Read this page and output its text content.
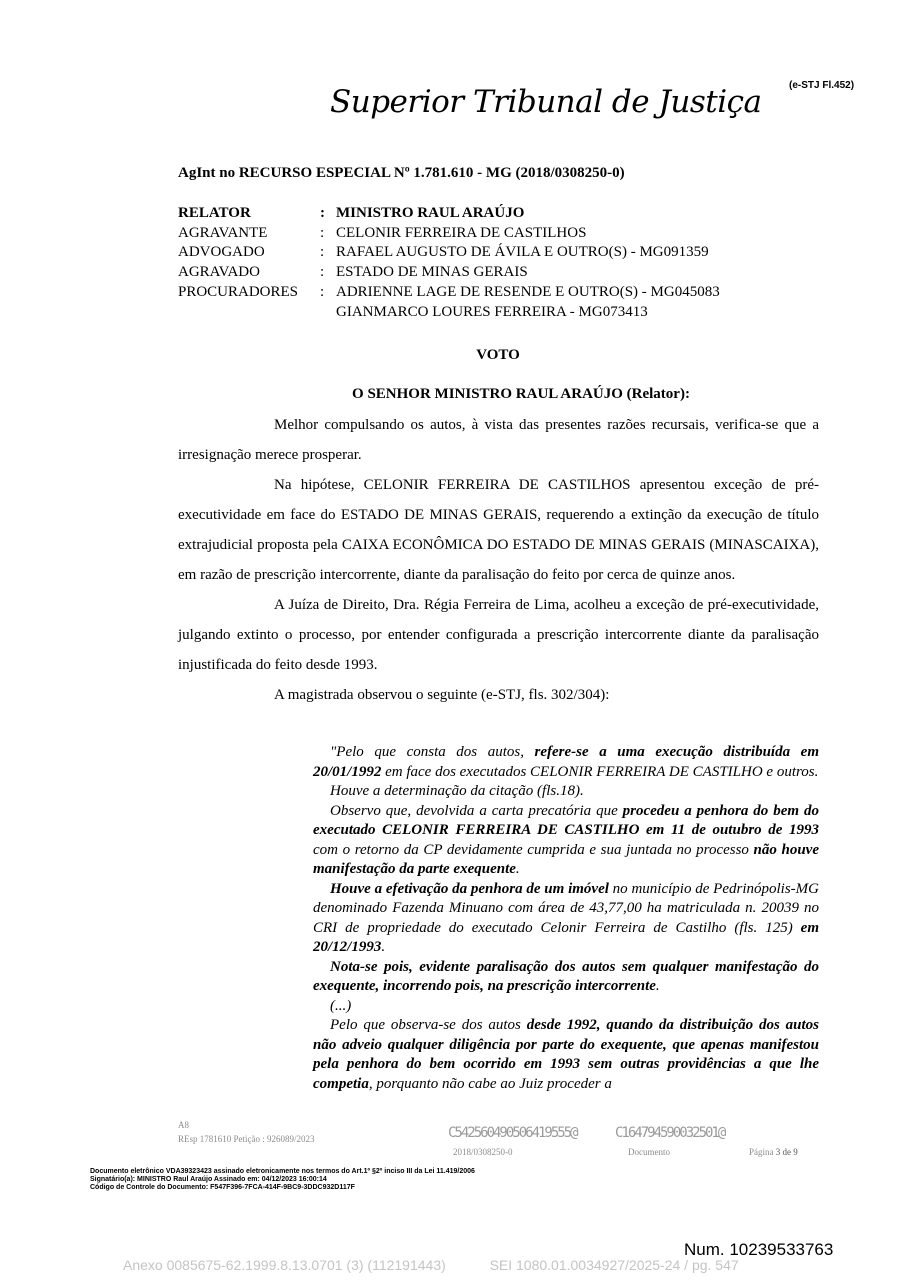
(e-STJ Fl.452)
Superior Tribunal de Justiça
AgInt no RECURSO ESPECIAL Nº 1.781.610 - MG (2018/0308250-0)
RELATOR	: MINISTRO RAUL ARAÚJO
AGRAVANTE	: CELONIR FERREIRA DE CASTILHOS
ADVOGADO	: RAFAEL AUGUSTO DE ÁVILA E OUTRO(S) - MG091359
AGRAVADO	: ESTADO DE MINAS GERAIS
PROCURADORES	: ADRIENNE LAGE DE RESENDE E OUTRO(S) - MG045083
GIANMARCO LOURES FERREIRA - MG073413
VOTO
O SENHOR MINISTRO RAUL ARAÚJO (Relator):

Melhor compulsando os autos, à vista das presentes razões recursais, verifica-se que a irresignação merece prosperar.

Na hipótese, CELONIR FERREIRA DE CASTILHOS apresentou exceção de pré-executividade em face do ESTADO DE MINAS GERAIS, requerendo a extinção da execução de título extrajudicial proposta pela CAIXA ECONÔMICA DO ESTADO DE MINAS GERAIS (MINASCAIXA), em razão de prescrição intercorrente, diante da paralisação do feito por cerca de quinze anos.

A Juíza de Direito, Dra. Régia Ferreira de Lima, acolheu a exceção de pré-executividade, julgando extinto o processo, por entender configurada a prescrição intercorrente diante da paralisação injustificada do feito desde 1993.

A magistrada observou o seguinte (e-STJ, fls. 302/304):

"Pelo que consta dos autos, refere-se a uma execução distribuída em 20/01/1992 em face dos executados CELONIR FERREIRA DE CASTILHO e outros.

Houve a determinação da citação (fls.18).

Observo que, devolvida a carta precatória que procedeu a penhora do bem do executado CELONIR FERREIRA DE CASTILHO em 11 de outubro de 1993 com o retorno da CP devidamente cumprida e sua juntada no processo não houve manifestação da parte exequente.

Houve a efetivação da penhora de um imóvel no município de Pedrinópolis-MG denominado Fazenda Minuano com área de 43,77,00 ha matriculada n. 20039 no CRI de propriedade do executado Celonir Ferreira de Castilho (fls. 125) em 20/12/1993.

Nota-se pois, evidente paralisação dos autos sem qualquer manifestação do exequente, incorrendo pois, na prescrição intercorrente.

(...)

Pelo que observa-se dos autos desde 1992, quando da distribuição dos autos não adveio qualquer diligência por parte do exequente, que apenas manifestou pela penhora do bem ocorrido em 1993 sem outras providências a que lhe competia, porquanto não cabe ao Juiz proceder a

A8
REsp 1781610 Petição : 926089/2023	C542560490506419555@
2018/0308250-0
C164794590032501@
Documento	Página 3 de 9
Documento eletrônico VDA39323423 assinado eletronicamente nos termos do Art.1º §2º inciso III da Lei 11.419/2006
Signatário(a): MINISTRO Raul Araújo Assinado em: 04/12/2023 16:00:14
Código de Controle do Documento: F547F396-7FCA-414F-9BC9-3DDC932D117F
Num. 10239533763
Anexo 0085675-62.1999.8.13.0701 (3) (112191443)	SEI 1080.01.0034927/2025-24 / pg. 547
